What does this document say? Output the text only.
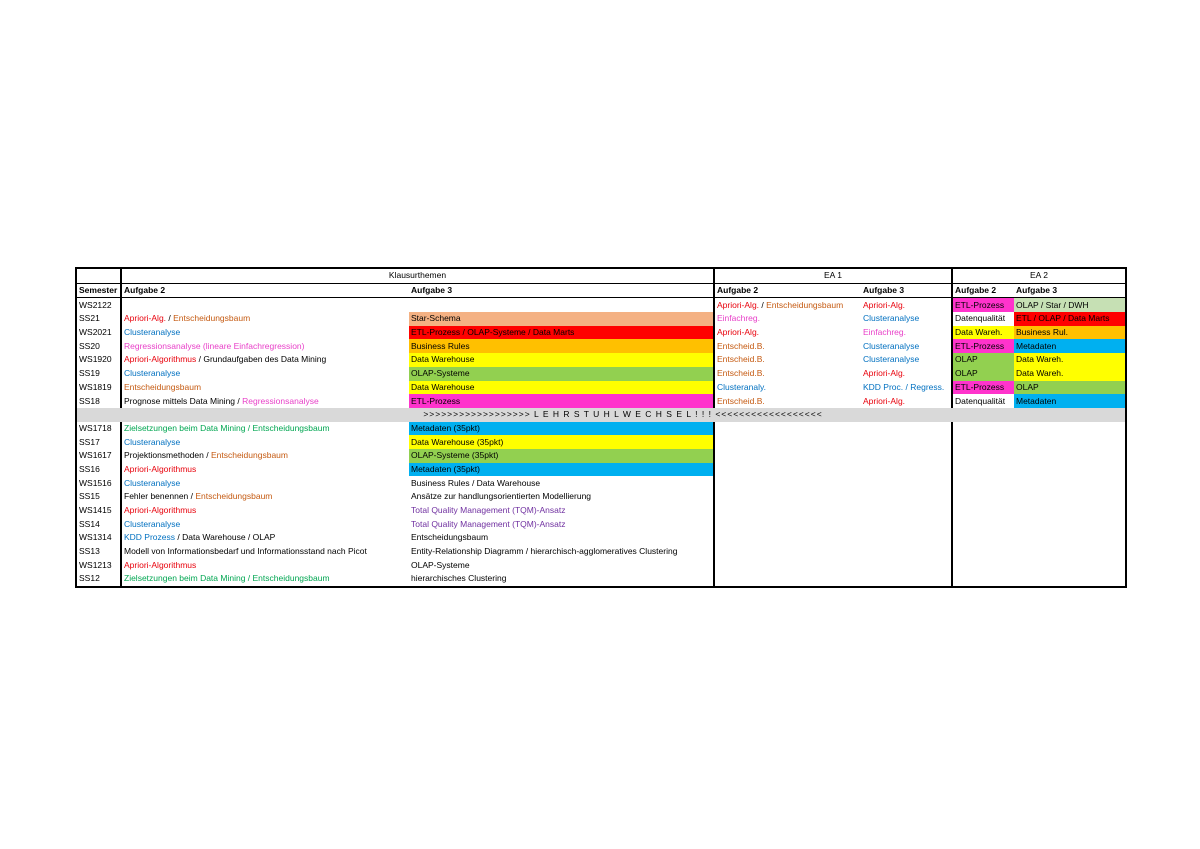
	Klausurthemen		EA 1		EA 2	
Semester	Aufgabe 2	Aufgabe 3	Aufgabe 2	Aufgabe 3	Aufgabe 2	Aufgabe 3
WS2122			Apriori-Alg. / Entscheidungsbaum	Apriori-Alg.	ETL-Prozess	OLAP / Star / DWH
SS21	Apriori-Alg. / Entscheidungsbaum	Star-Schema	Einfachreg.	Clusteranalyse	Datenqualität	ETL / OLAP / Data Marts
WS2021	Clusteranalyse	ETL-Prozess / OLAP-Systeme / Data Marts	Apriori-Alg.	Einfachreg.	Data Wareh.	Business Rul.
SS20	Regressionsanalyse (lineare Einfachregression)	Business Rules	Entscheid.B.	Clusteranalyse	ETL-Prozess	Metadaten
WS1920	Apriori-Algorithmus / Grundaufgaben des Data Mining	Data Warehouse	Entscheid.B.	Clusteranalyse	OLAP	Data Wareh.
SS19	Clusteranalyse	OLAP-Systeme	Entscheid.B.	Apriori-Alg.	OLAP	Data Wareh.
WS1819	Entscheidungsbaum	Data Warehouse	Clusteranaly.	KDD Proc. / Regress.	ETL-Prozess	OLAP
SS18	Prognose mittels Data Mining / Regressionsanalyse	ETL-Prozess	Entscheid.B.	Apriori-Alg.	Datenqualität	Metadaten
	>>>>>>>>>>>>>>>>>> L E H R S T U H L W E C H S E L ! ! ! <<<<<<<<<<<<<<<<<<					
WS1718	Zielsetzungen beim Data Mining / Entscheidungsbaum	Metadaten (35pkt)				
SS17	Clusteranalyse	Data Warehouse (35pkt)				
WS1617	Projektionsmethoden / Entscheidungsbaum	OLAP-Systeme (35pkt)				
SS16	Apriori-Algorithmus	Metadaten (35pkt)				
WS1516	Clusteranalyse	Business Rules / Data Warehouse				
SS15	Fehler benennen / Entscheidungsbaum	Ansätze zur handlungsorientierten Modellierung				
WS1415	Apriori-Algorithmus	Total Quality Management (TQM)-Ansatz				
SS14	Clusteranalyse	Total Quality Management (TQM)-Ansatz				
WS1314	KDD Prozess / Data Warehouse / OLAP	Entscheidungsbaum				
SS13	Modell von Informationsbedarf und Informationsstand nach Picot	Entity-Relationship Diagramm / hierarchisch-agglomeratives Clustering				
WS1213	Apriori-Algorithmus	OLAP-Systeme				
SS12	Zielsetzungen beim Data Mining / Entscheidungsbaum	hierarchisches Clustering				
